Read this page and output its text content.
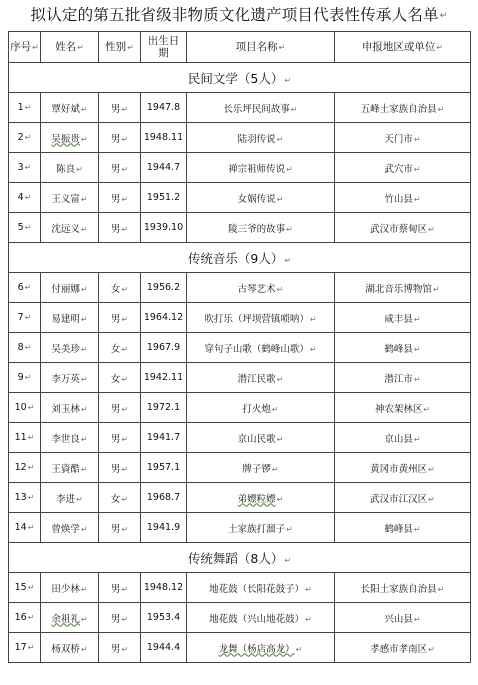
拟认定的第五批省级非物质文化遗产项目代表性传承人名单↵
序号↵	姓名↵	性别↵	出生日期	项目名称↵	申报地区或单位↵
民间文学（5人）↵					
1↵	覃好斌↵	男↵	1947.8	长乐坪民间故事↵	五峰土家族自治县↵
2↵	吴振贵↵	男↵	1948.11	陆羽传说↵	天门市↵
3↵	陈良↵	男↵	1944.7	禅宗祖师传说↵	武穴市↵
4↵	王义富↵	男↵	1951.2	女娲传说↵	竹山县↵
5↵	沈远义↵	男↵	1939.10	陵三爷的故事↵	武汉市蔡甸区↵
传统音乐（9人）↵					
6↵	付丽娜↵	女↵	1956.2	古琴艺术↵	湖北音乐博物馆↵
7↵	易建明↵	男↵	1964.12	吹打乐（坪坝营镇唢呐）↵	咸丰县↵
8↵	吴美珍↵	女↵	1967.9	穿句子山歌（鹤峰山歌）↵	鹤峰县↵
9↵	李万英↵	女↵	1942.11	潜江民歌↵	潜江市↵
10↵	刘玉林↵	男↵	1972.1	打火炮↵	神农架林区↵
11↵	李世良↵	男↵	1941.7	京山民歌↵	京山县↵
12↵	王資酷↵	男↵	1957.1	牌子锣↵	黄冈市黄州区↵
13↵	李进↵	女↵	1968.7	弟嫖粒嫖↵	武汉市江汉区↵
14↵	曾焕学↵	男↵	1941.9	土家族打溜子↵	鹤峰县↵
传统舞蹈（8人）↵					
15↵	田少林↵	男↵	1948.12	地花鼓（长阳花鼓子）↵	长阳土家族自治县↵
16↵	余祖礼↵	男↵	1953.4	地花鼓（兴山地花鼓）↵	兴山县↵
17↵	杨双桥↵	男↵	1944.4	龙舞（杨店高龙）↵	孝感市孝南区↵
